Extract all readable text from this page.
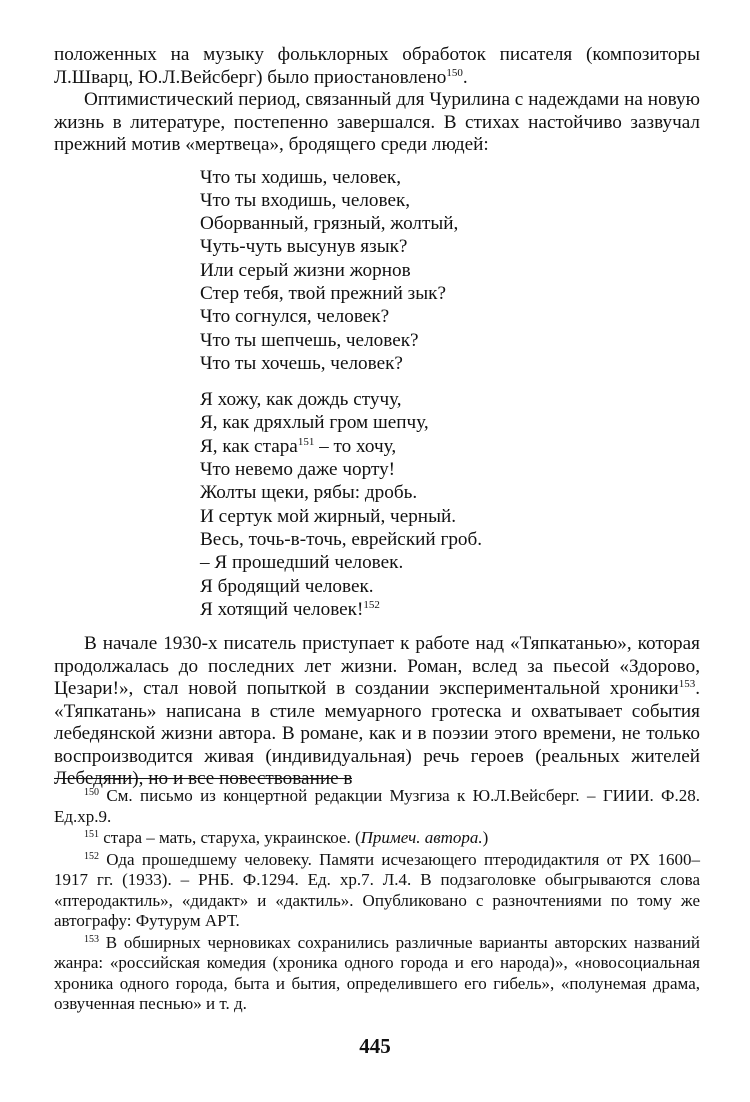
положенных на музыку фольклорных обработок писателя (композиторы Л.Шварц, Ю.Л.Вейсберг) было приостановлено$^{150}$.

Оптимистический период, связанный для Чурилина с надеждами на новую жизнь в литературе, постепенно завершался. В стихах настойчиво зазвучал прежний мотив «мертвеца», бродящего среди людей:

Что ты ходишь, человек,
Что ты входишь, человек,
Оборванный, грязный, жолтый,
Чуть-чуть высунув язык?
Или серый жизни жорнов
Стер тебя, твой прежний зык?
Что согнулся, человек?
Что ты шепчешь, человек?
Что ты хочешь, человек?
Я хожу, как дождь стучу,
Я, как дряхлый гром шепчу,
Я, как стара$^{151}$ – то хочу,
Что невемо даже чорту!
Жолты щеки, рябы: дробь.
И сертук мой жирный, черный.
Весь, точь-в-точь, еврейский гроб.
– Я прошедший человек.
Я бродящий человек.
Я хотящий человек!$^{152}$

В начале 1930-х писатель приступает к работе над «Тяпкатанью», которая продолжалась до последних лет жизни. Роман, вслед за пьесой «Здорово, Цезари!», стал новой попыткой в создании экспериментальной хроники$^{153}$. «Тяпкатань» написана в стиле мемуарного гротеска и охватывает события лебедянской жизни автора. В романе, как и в поэзии этого времени, не только воспроизводится живая (индивидуальная) речь героев (реальных жителей Лебедяни), но и все повествование в

$^{150}$ См. письмо из концертной редакции Музгиза к Ю.Л.Вейсберг. – ГИИИ. Ф.28. Ед.хр.9.

$^{151}$ стара – мать, старуха, украинское. (Примеч. автора.)

$^{152}$ Ода прошедшему человеку. Памяти исчезающего птеродидактиля от РХ 1600–1917 гг. (1933). – РНБ. Ф.1294. Ед. хр.7. Л.4. В подзаголовке обыгрываются слова «птеродактиль», «дидакт» и «дактиль». Опубликовано с разночтениями по тому же автографу: Футурум АРТ.

$^{153}$ В обширных черновиках сохранились различные варианты авторских названий жанра: «российская комедия (хроника одного города и его народа)», «новосоциальная хроника одного города, быта и бытия, определившего его гибель», «полунемая драма, озвученная песнью» и т. д.

445
